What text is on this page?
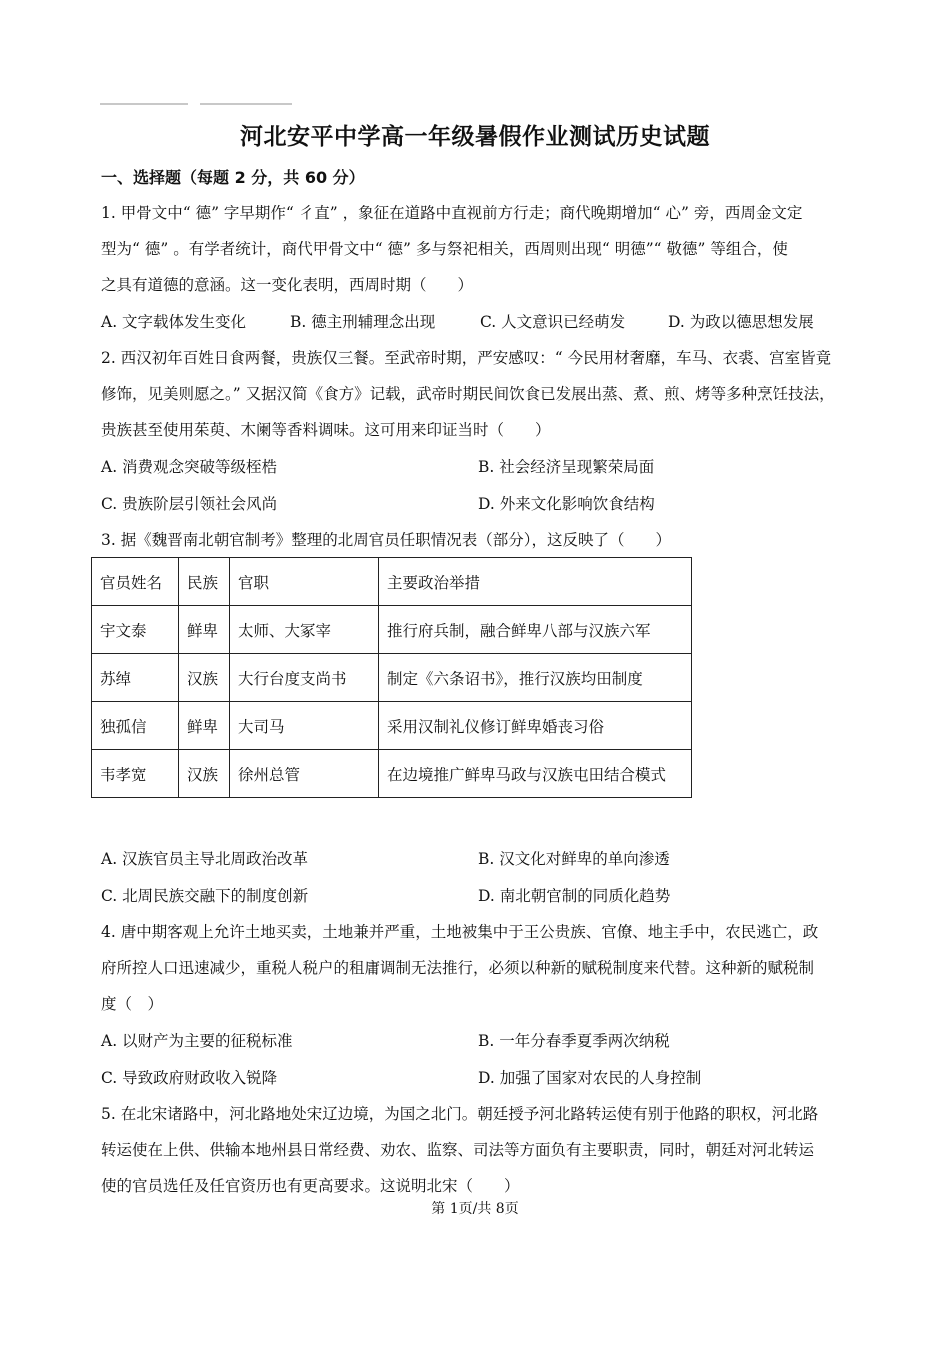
河北安平中学高一年级暑假作业测试历史试题
一、选择题（每题 2 分，共 60 分）
1. 甲骨文中“ 德” 字早期作“ 彳直” ，象征在道路中直视前方行走；商代晚期增加“ 心” 旁，西周金文定
型为“ 德” 。有学者统计，商代甲骨文中“ 德” 多与祭祀相关，西周则出现“ 明德”“ 敬德” 等组合，使
之具有道德的意涵。这一变化表明，西周时期（　　）
A. 文字载体发生变化	B. 德主刑辅理念出现	C. 人文意识已经萌发	D. 为政以德思想发展
2. 西汉初年百姓日食两餐，贵族仅三餐。至武帝时期，严安感叹：“ 今民用材奢靡，车马、衣裘、宫室皆竟
修饰，见美则愿之。” 又据汉简《食方》记载，武帝时期民间饮食已发展出蒸、煮、煎、烤等多种烹饪技法，
贵族甚至使用茱萸、木阑等香料调味。这可用来印证当时（　　）
A. 消费观念突破等级桎梏	B. 社会经济呈现繁荣局面
C. 贵族阶层引领社会风尚	D. 外来文化影响饮食结构
3. 据《魏晋南北朝官制考》整理的北周官员任职情况表（部分），这反映了（　　）
官员姓名	民族	官职	主要政治举措
宇文泰	鲜卑	太师、大冢宰	推行府兵制，融合鲜卑八部与汉族六军
苏绰	汉族	大行台度支尚书	制定《六条诏书》，推行汉族均田制度
独孤信	鲜卑	大司马	采用汉制礼仪修订鲜卑婚丧习俗
韦孝宽	汉族	徐州总管	在边境推广鲜卑马政与汉族屯田结合模式
A. 汉族官员主导北周政治改革	B. 汉文化对鲜卑的单向渗透
C. 北周民族交融下的制度创新	D. 南北朝官制的同质化趋势
4. 唐中期客观上允许土地买卖，土地兼并严重，土地被集中于王公贵族、官僚、地主手中，农民逃亡，政
府所控人口迅速减少，重税人税户的租庸调制无法推行，必须以种新的赋税制度来代替。这种新的赋税制
度（　）
A. 以财产为主要的征税标准	B. 一年分春季夏季两次纳税
C. 导致政府财政收入锐降	D. 加强了国家对农民的人身控制
5. 在北宋诸路中，河北路地处宋辽边境，为国之北门。朝廷授予河北路转运使有别于他路的职权，河北路
转运使在上供、供输本地州县日常经费、劝农、监察、司法等方面负有主要职责，同时，朝廷对河北转运
使的官员选任及任官资历也有更高要求。这说明北宋（　　）
第 1页/共 8页
